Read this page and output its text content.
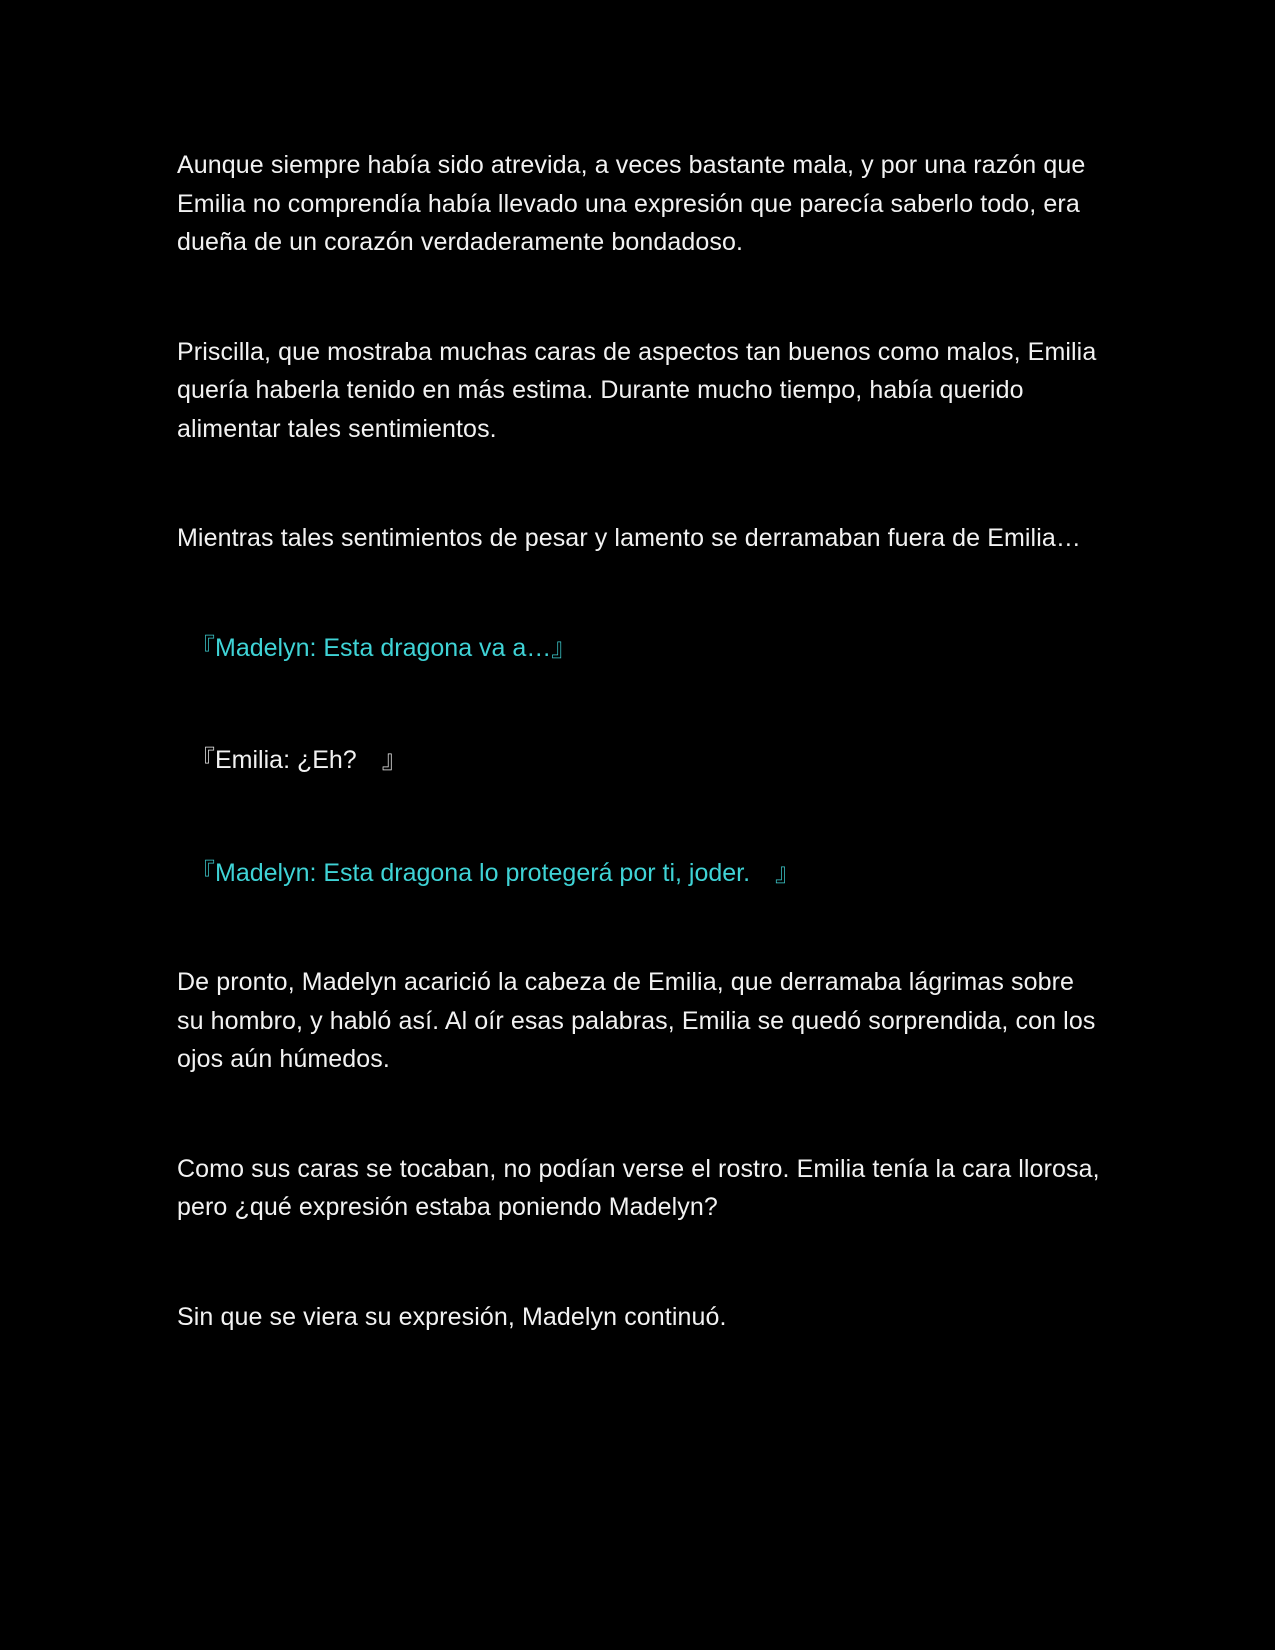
Aunque siempre había sido atrevida, a veces bastante mala, y por una razón que Emilia no comprendía había llevado una expresión que parecía saberlo todo, era dueña de un corazón verdaderamente bondadoso.

Priscilla, que mostraba muchas caras de aspectos tan buenos como malos, Emilia quería haberla tenido en más estima. Durante mucho tiempo, había querido alimentar tales sentimientos.

Mientras tales sentimientos de pesar y lamento se derramaban fuera de Emilia…

『Madelyn: Esta dragona va a…』

『Emilia: ¿Eh?　』

『Madelyn: Esta dragona lo protegerá por ti, joder.　』

De pronto, Madelyn acarició la cabeza de Emilia, que derramaba lágrimas sobre su hombro, y habló así. Al oír esas palabras, Emilia se quedó sorprendida, con los ojos aún húmedos.

Como sus caras se tocaban, no podían verse el rostro. Emilia tenía la cara llorosa, pero ¿qué expresión estaba poniendo Madelyn?

Sin que se viera su expresión, Madelyn continuó.
